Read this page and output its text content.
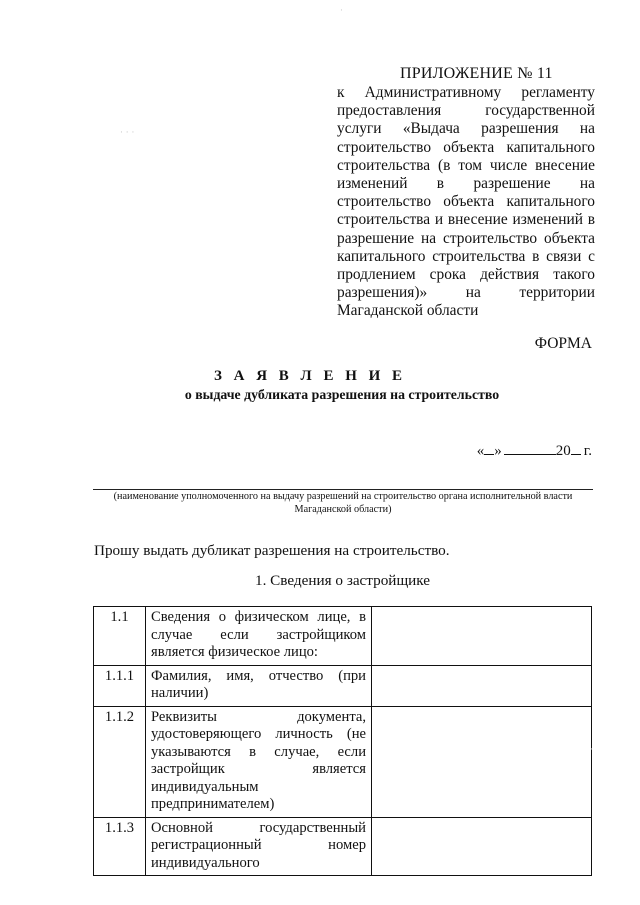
ПРИЛОЖЕНИЕ № 11
к Административному регламенту предоставления государственной услуги «Выдача разрешения на строительство объекта капитального строительства (в том числе внесение изменений в разрешение на строительство объекта капитального строительства и внесение изменений в разрешение на строительство объекта капитального строительства в связи с продлением срока действия такого разрешения)» на территории Магаданской области
ФОРМА
З А Я В Л Е Н И Е
о выдаче дубликата разрешения на строительство
« »	20 г.
(наименование уполномоченного на выдачу разрешений на строительство органа исполнительной власти Магаданской области)
Прошу выдать дубликат разрешения на строительство.
1. Сведения о застройщике
1.1	Сведения о физическом лице, в случае если застройщиком является физическое лицо:	
1.1.1	Фамилия, имя, отчество (при наличии)	
1.1.2	Реквизиты документа, удостоверяющего личность (не указываются в случае, если застройщик является индивидуальным предпринимателем)	
1.1.3	Основной государственный регистрационный номер индивидуального	
·
· · ·
·
